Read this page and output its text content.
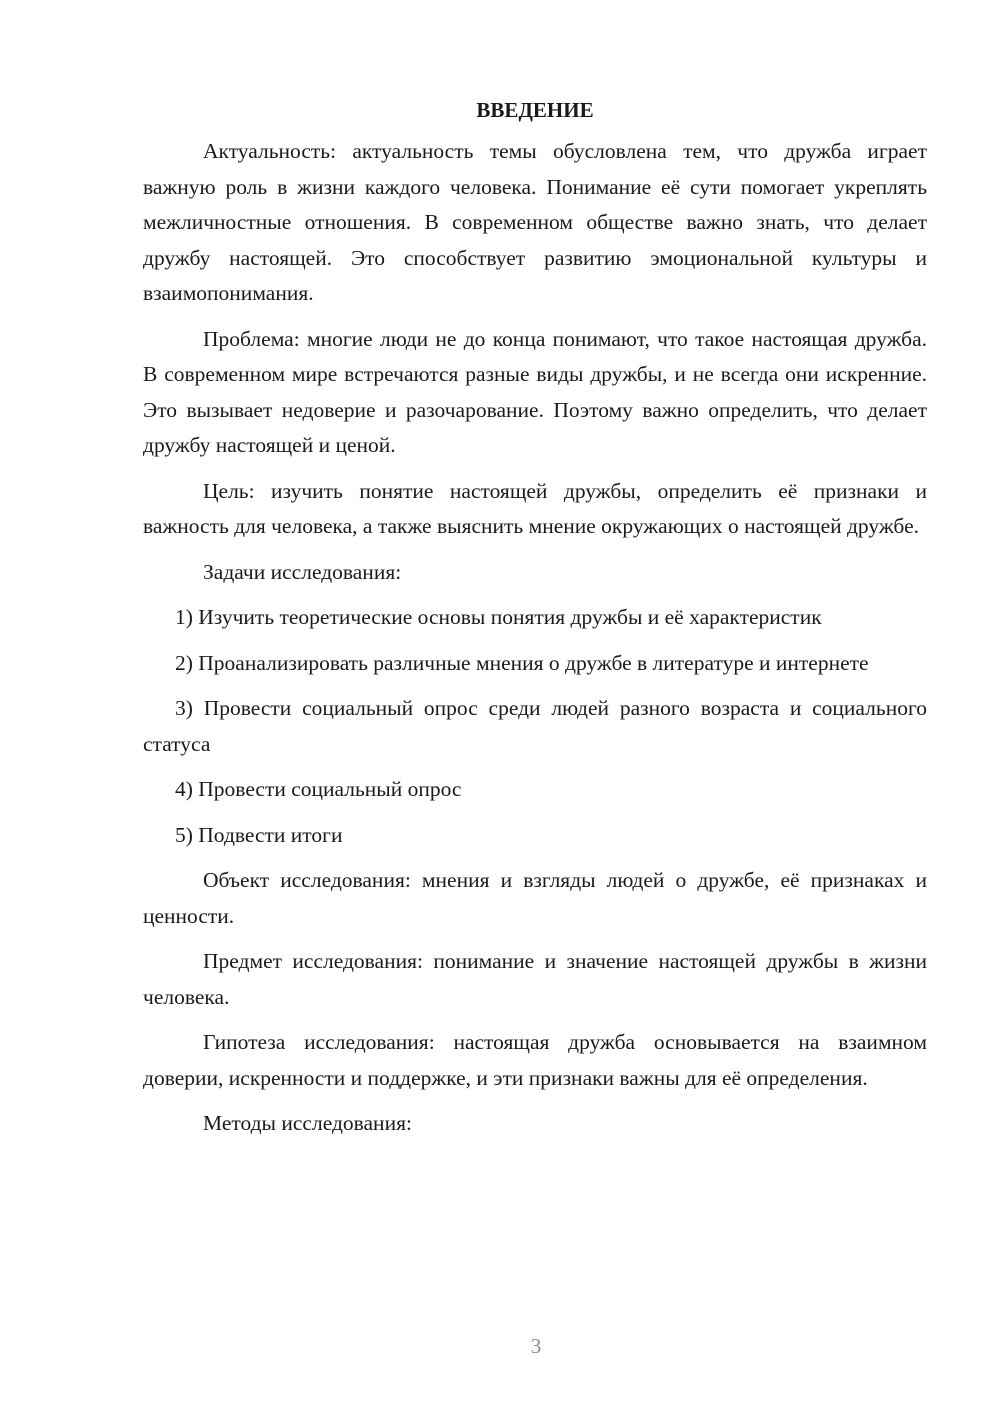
ВВЕДЕНИЕ

Актуальность: актуальность темы обусловлена тем, что дружба играет важную роль в жизни каждого человека. Понимание её сути помогает укреплять межличностные отношения. В современном обществе важно знать, что делает дружбу настоящей. Это способствует развитию эмоциональной культуры и взаимопонимания.

Проблема: многие люди не до конца понимают, что такое настоящая дружба. В современном мире встречаются разные виды дружбы, и не всегда они искренние. Это вызывает недоверие и разочарование. Поэтому важно определить, что делает дружбу настоящей и ценой.

Цель: изучить понятие настоящей дружбы, определить её признаки и важность для человека, а также выяснить мнение окружающих о настоящей дружбе.

Задачи исследования:

1) Изучить теоретические основы понятия дружбы и её характеристик

2) Проанализировать различные мнения о дружбе в литературе и интернете

3) Провести социальный опрос среди людей разного возраста и социального статуса

4) Провести социальный опрос

5) Подвести итоги

Объект исследования: мнения и взгляды людей о дружбе, её признаках и ценности.

Предмет исследования: понимание и значение настоящей дружбы в жизни человека.

Гипотеза исследования: настоящая дружба основывается на взаимном доверии, искренности и поддержке, и эти признаки важны для её определения.

Методы исследования:

3
